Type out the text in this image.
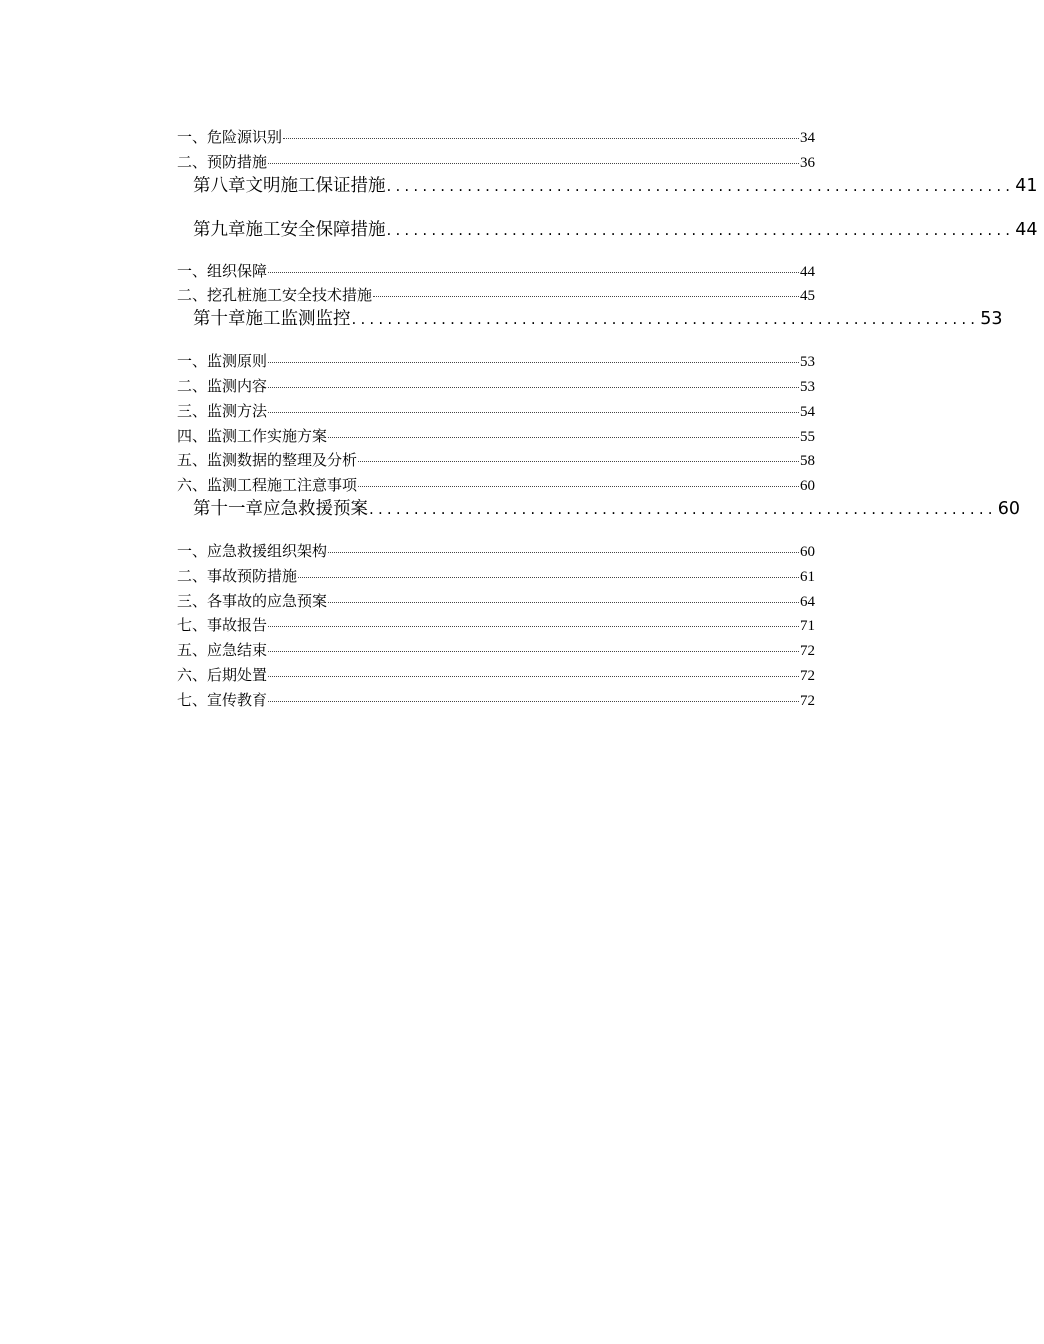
一、危险源识别	34
二、预防措施	36
第八章 文明施工保证措施 ...................................................................... 41
第九章 施工安全保障措施 ...................................................................... 44
一、组织保障	44
二、挖孔桩施工安全技术措施	45
第十章 施工监测监控 ...................................................................... 53
一、监测原则	53
二、监测内容	53
三、监测方法	54
四、监测工作实施方案	55
五、监测数据的整理及分析	58
六、监测工程施工注意事项	60
第十一章 应急救援预案 ...................................................................... 60
一、应急救援组织架构	60
二、事故预防措施	61
三、各事故的应急预案	64
七、事故报告	71
五、应急结束	72
六、后期处置	72
七、宣传教育	72
